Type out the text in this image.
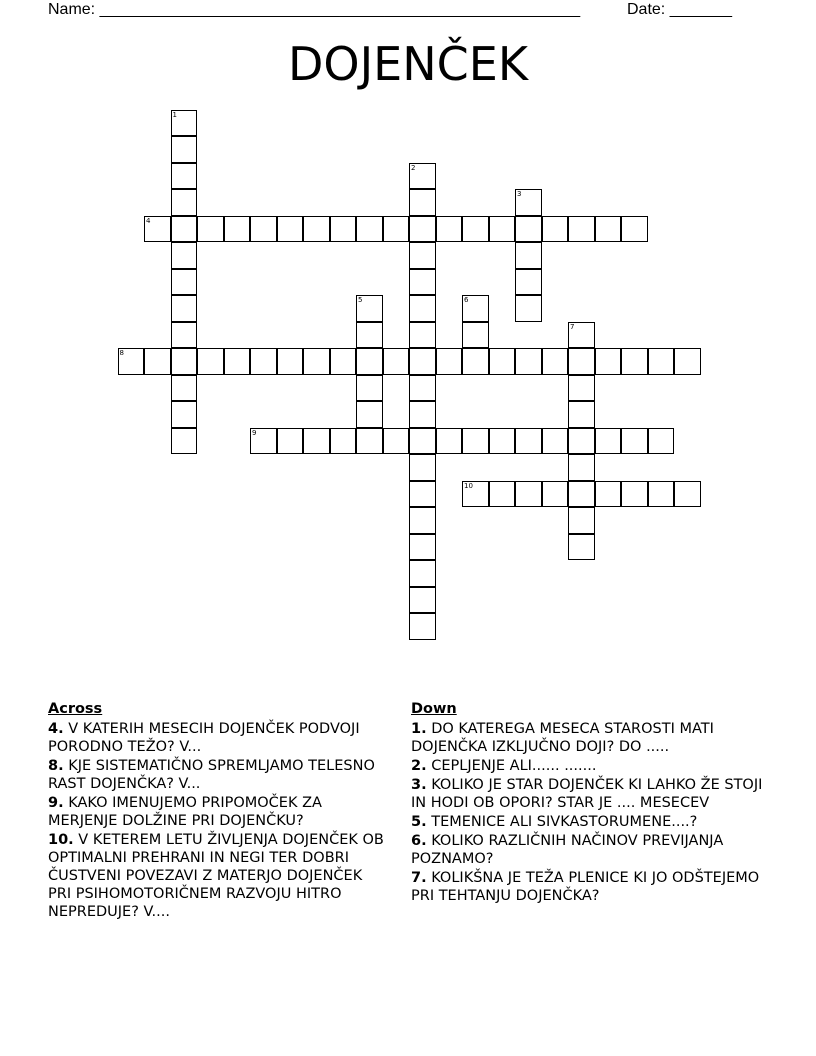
Name: ______________________________________________________	Date: _______
DOJENČEK
1
2
3
4
5	6
7
8
9
10
Across
4. V KATERIH MESECIH DOJENČEK PODVOJI PORODNO TEŽO? V...
8. KJE SISTEMATIČNO SPREMLJAMO TELESNO RAST DOJENČKA? V...
9. KAKO IMENUJEMO PRIPOMOČEK ZA MERJENJE DOLŽINE PRI DOJENČKU?
10. V KETEREM LETU ŽIVLJENJA DOJENČEK OB OPTIMALNI PREHRANI IN NEGI TER DOBRI ČUSTVENI POVEZAVI Z MATERJO DOJENČEK PRI PSIHOMOTORIČNEM RAZVOJU HITRO NEPREDUJE? V....
Down
1. DO KATEREGA MESECA STAROSTI MATI DOJENČKA IZKLJUČNO DOJI? DO .....
2. CEPLJENJE ALI...... .......
3. KOLIKO JE STAR DOJENČEK KI LAHKO ŽE STOJI IN HODI OB OPORI? STAR JE .... MESECEV
5. TEMENICE ALI SIVKASTORUMENE....?
6. KOLIKO RAZLIČNIH NAČINOV PREVIJANJA POZNAMO?
7. KOLIKŠNA JE TEŽA PLENICE KI JO ODŠTEJEMO PRI TEHTANJU DOJENČKA?
